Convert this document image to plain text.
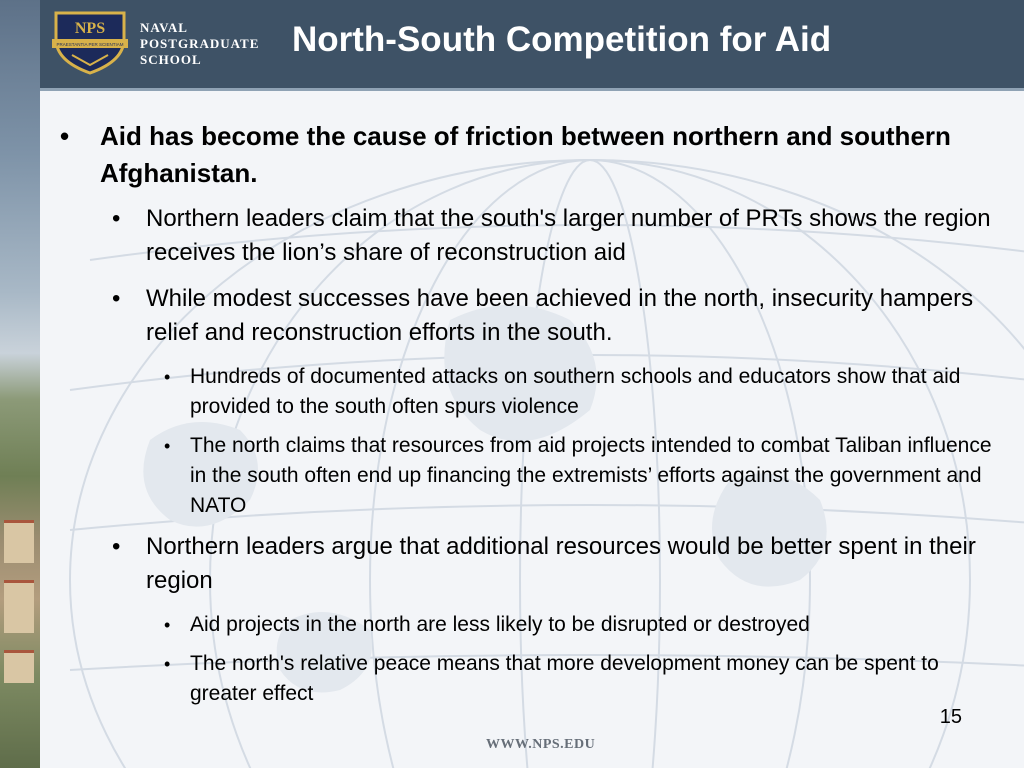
NPS
PRAESTANTIA PER SCIENTIAM
NAVAL
POSTGRADUATE
SCHOOL
North-South Competition for Aid
• Aid has become the cause of friction between northern and southern Afghanistan.
• Northern leaders claim that the south's larger number of PRTs shows the region receives the lion’s share of reconstruction aid
• While modest successes have been achieved in the north, insecurity hampers relief and reconstruction efforts in the south.
• Hundreds of documented attacks on southern schools and educators show that aid provided to the south often spurs violence
• The north claims that resources from aid projects intended to combat Taliban influence in the south often end up financing the extremists’ efforts against the government and NATO
• Northern leaders argue that additional resources would be better spent in their region
• Aid projects in the north are less likely to be disrupted or destroyed
• The north's relative peace means that more development money can be spent to greater effect
15
WWW.NPS.EDU
